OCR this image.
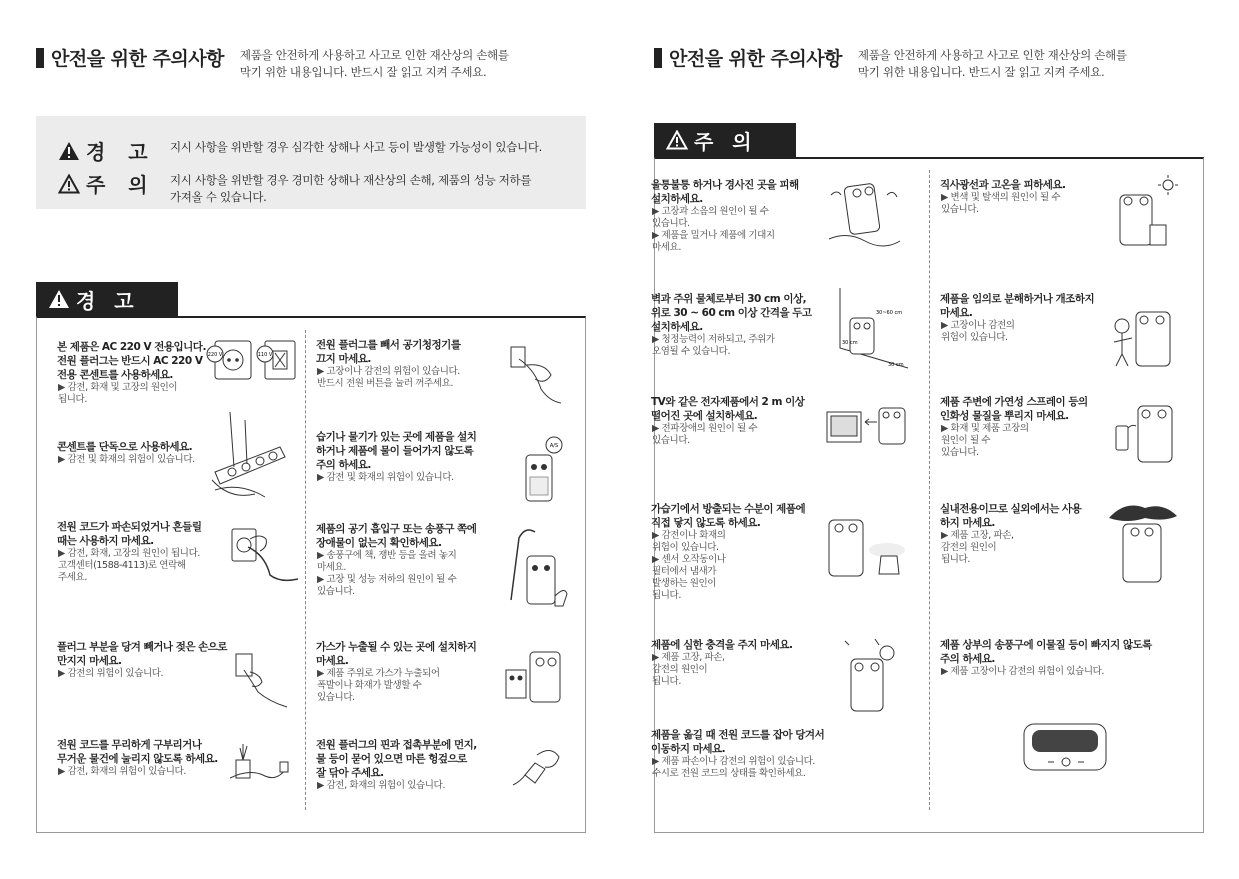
안전을 위한 주의사항 제품을 안전하게 사용하고 사고로 인한 재산상의 손해를
막기 위한 내용입니다. 반드시 잘 읽고 지켜 주세요.
경 고 지시 사항을 위반할 경우 심각한 상해나 사고 등이 발생할 가능성이 있습니다.
주 의 지시 사항을 위반할 경우 경미한 상해나 재산상의 손해, 제품의 성능 저하를
가져올 수 있습니다.
경 고
본 제품은 AC 220 V 전용입니다.
전원 플러그는 반드시 AC 220 V
전용 콘센트를 사용하세요.
▶ 감전, 화재 및 고장의 원인이
됩니다.
콘센트를 단독으로 사용하세요.
▶ 감전 및 화재의 위험이 있습니다.
전원 코드가 파손되었거나 흔들릴
때는 사용하지 마세요.
▶ 감전, 화재, 고장의 원인이 됩니다.
고객센터(1588-4113)로 연락해
주세요.
플러그 부분을 당겨 빼거나 젖은 손으로
만지지 마세요.
▶ 감전의 위험이 있습니다.
전원 코드를 무리하게 구부리거나
무거운 물건에 눌리지 않도록 하세요.
▶ 감전, 화재의 위험이 있습니다.
전원 플러그를 빼서 공기청정기를
끄지 마세요.
▶ 고장이나 감전의 위험이 있습니다.
반드시 전원 버튼을 눌러 꺼주세요.
습기나 물기가 있는 곳에 제품을 설치
하거나 제품에 물이 들어가지 않도록
주의 하세요.
▶ 감전 및 화재의 위험이 있습니다.
제품의 공기 흡입구 또는 송풍구 쪽에
장애물이 없는지 확인하세요.
▶ 송풍구에 책, 쟁반 등을 올려 놓지
마세요.
▶ 고장 및 성능 저하의 원인이 될 수
있습니다.
가스가 누출될 수 있는 곳에 설치하지
마세요.
▶ 제품 주위로 가스가 누출되어
폭발이나 화재가 발생할 수
있습니다.
전원 플러그의 핀과 접촉부분에 먼지,
물 등이 묻어 있으면 마른 헝겊으로
잘 닦아 주세요.
▶ 감전, 화재의 위험이 있습니다.
220 V	110 V
A/S
안전을 위한 주의사항 제품을 안전하게 사용하고 사고로 인한 재산상의 손해를
막기 위한 내용입니다. 반드시 잘 읽고 지켜 주세요.
주 의
울퉁불퉁 하거나 경사진 곳을 피해
설치하세요.
▶ 고장과 소음의 원인이 될 수
있습니다.
▶ 제품을 밀거나 제품에 기대지
마세요.
벽과 주위 물체로부터 30 cm 이상,
위로 30 ~ 60 cm 이상 간격을 두고
설치하세요.
▶ 청정능력이 저하되고, 주위가
오염될 수 있습니다.
TV와 같은 전자제품에서 2 m 이상
떨어진 곳에 설치하세요.
▶ 전파장애의 원인이 될 수
있습니다.
가습기에서 방출되는 수분이 제품에
직접 닿지 않도록 하세요.
▶ 감전이나 화재의
위험이 있습니다.
▶ 센서 오작동이나
필터에서 냄새가
발생하는 원인이
됩니다.
제품에 심한 충격을 주지 마세요.
▶ 제품 고장, 파손,
감전의 원인이
됩니다.
제품을 옮길 때 전원 코드를 잡아 당겨서
이동하지 마세요.
▶ 제품 파손이나 감전의 위험이 있습니다.
수시로 전원 코드의 상태를 확인하세요.
직사광선과 고온을 피하세요.
▶ 변색 및 탈색의 원인이 될 수
있습니다.
제품을 임의로 분해하거나 개조하지
마세요.
▶ 고장이나 감전의
위험이 있습니다.
제품 주변에 가연성 스프레이 등의
인화성 물질을 뿌리지 마세요.
▶ 화재 및 제품 고장의
원인이 될 수
있습니다.
실내전용이므로 실외에서는 사용
하지 마세요.
▶ 제품 고장, 파손,
감전의 원인이
됩니다.
제품 상부의 송풍구에 이물질 등이 빠지지 않도록
주의 하세요.
▶ 제품 고장이나 감전의 위험이 있습니다.
30~60 cm
30 cm
30 cm
